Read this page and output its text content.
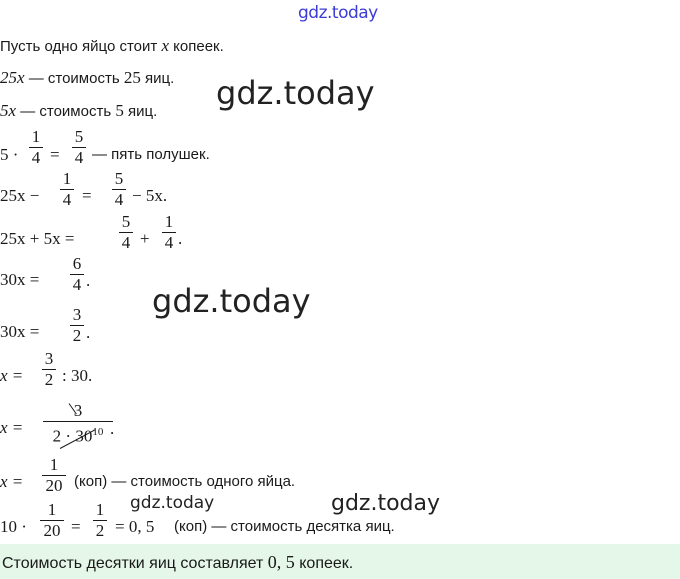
gdz.today
gdz.today
gdz.today
gdz.today	gdz.today
Пусть одно яйцо стоит x копеек.
25x — стоимость 25 яиц.
5x — стоимость 5 яиц.
5 ·
1
4 =
5
4 — пять полушек.
25x −
1
4 =
5
4 − 5x.
25x + 5x =
5
4 +
1
4 .
30x =
6
4 .
30x =
3
2 .
x =
3
2 : 30.
x =
3
$2 \cdot 30^{10}$ .
x =
1
20 (коп) — стоимость одного яйца.
10 ·
1
20 =
1
2 = 0, 5 (коп) — стоимость десятка яиц.
Стоимость десятки яиц составляет 0, 5 копеек.
